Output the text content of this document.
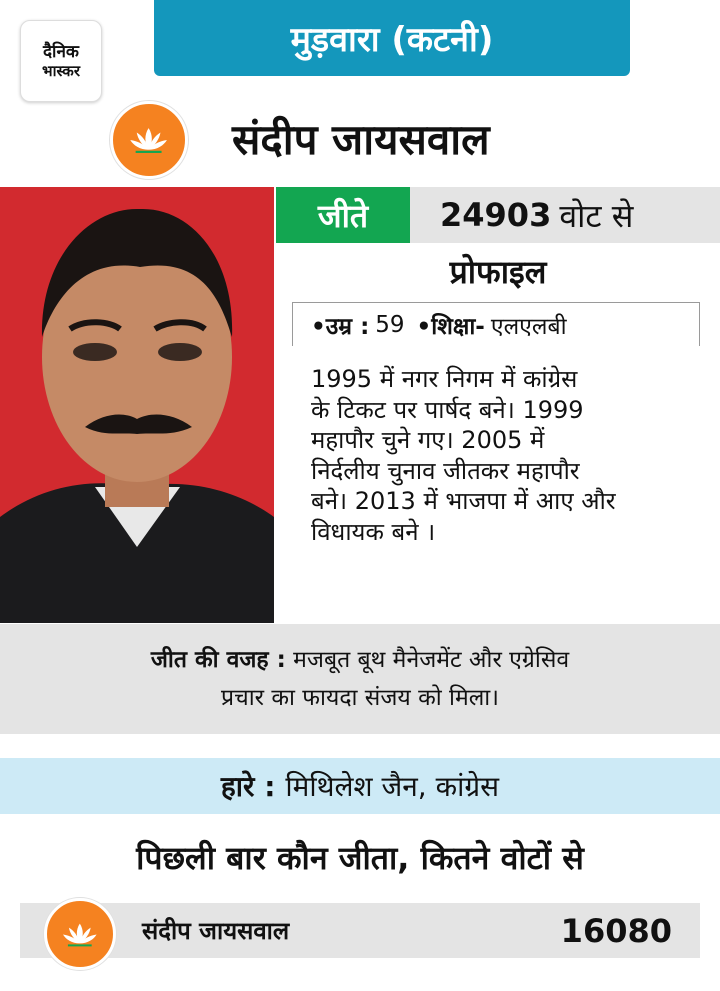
दैनिक
भास्कर
मुड़वारा (कटनी)
संदीप जायसवाल
जीते	24903 वोट से
प्रोफाइल
•उम्र : 59 •शिक्षा- एलएलबी
1995 में नगर निगम में कांग्रेस
के टिकट पर पार्षद बने। 1999
महापौर चुने गए। 2005 में
निर्दलीय चुनाव जीतकर महापौर
बने। 2013 में भाजपा में आए और
विधायक बने ।
जीत की वजह : मजबूत बूथ मैनेजमेंट और एग्रेसिव
प्रचार का फायदा संजय को मिला।
हारे : मिथिलेश जैन, कांग्रेस
पिछली बार कौन जीता, कितने वोटों से
संदीप जायसवाल	16080
